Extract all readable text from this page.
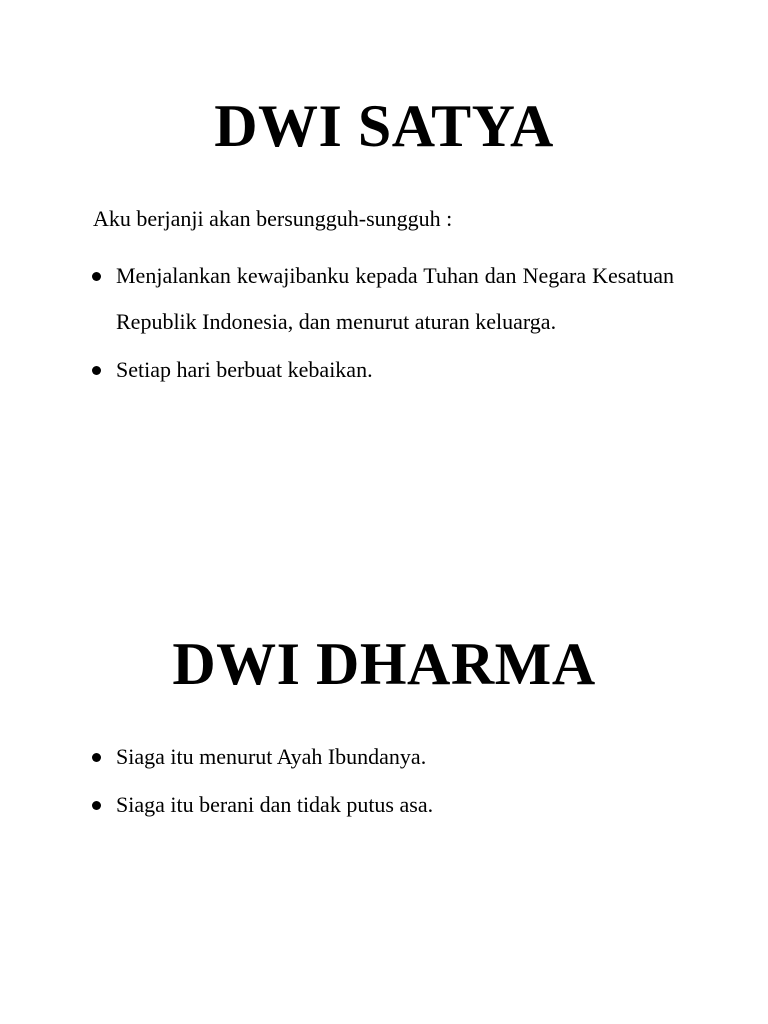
DWI SATYA

Aku berjanji akan bersungguh-sungguh :

Menjalankan kewajibanku kepada Tuhan dan Negara Kesatuan Republik Indonesia, dan menurut aturan keluarga.
Setiap hari berbuat kebaikan.
DWI DHARMA
Siaga itu menurut Ayah Ibundanya.
Siaga itu berani dan tidak putus asa.
